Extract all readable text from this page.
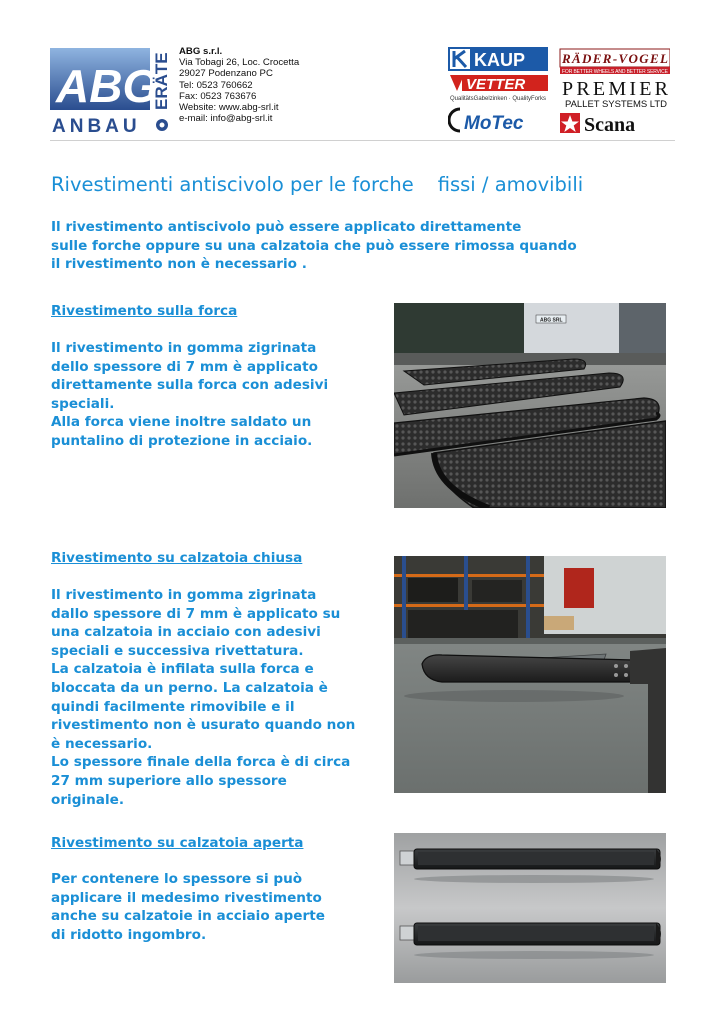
ABG
ANBAU
ERÄTE
ABG s.r.l.
Via Tobagi 26, Loc. Crocetta
29027 Podenzano PC
Tel: 0523 760662
Fax: 0523 763676
Website: www.abg-srl.it
e-mail: info@abg-srl.it
KAUP
VETTER
QualitätsGabelzinken · QualityForks
MoTec
RÄDER-VOGEL
FOR BETTER WHEELS AND BETTER SERVICE
PREMIER
PALLET SYSTEMS LTD
Scana
Rivestimenti antiscivolo per le forche fissi / amovibili

Il rivestimento antiscivolo può essere applicato direttamente

sulle forche oppure su una calzatoia che può essere rimossa quando

il rivestimento non è necessario .

Rivestimento sulla forca

Il rivestimento in gomma zigrinata

dello spessore di 7 mm è applicato

direttamente sulla forca con adesivi

speciali.

Alla forca viene inoltre saldato un

puntalino di protezione in acciaio.

ABG SRL
Rivestimento su calzatoia chiusa

Il rivestimento in gomma zigrinata

dallo spessore di 7 mm è applicato su

una calzatoia in acciaio con adesivi

speciali e successiva rivettatura.

La calzatoia è infilata sulla forca e

bloccata da un perno. La calzatoia è

quindi facilmente rimovibile e il

rivestimento non è usurato quando non

è necessario.

Lo spessore finale della forca è di circa

27 mm superiore allo spessore

originale.

Rivestimento su calzatoia aperta

Per contenere lo spessore si può

applicare il medesimo rivestimento

anche su calzatoie in acciaio aperte

di ridotto ingombro.
